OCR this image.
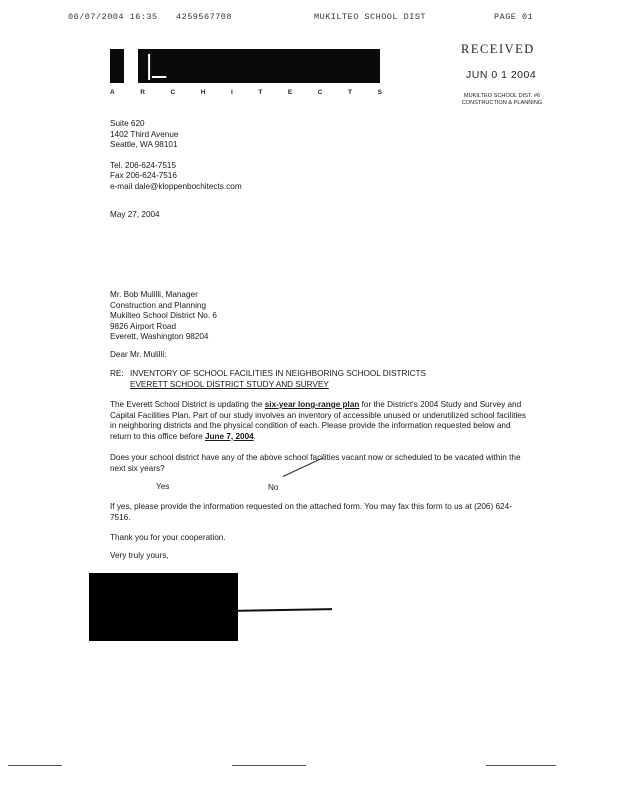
06/07/2004 16:35 4259567708	MUKILTEO SCHOOL DIST	PAGE 01
|_
A	R	C	H	I	T	E	C	T	S
RECEIVED
JUN 0 1 2004
MUKILTEO SCHOOL DIST. #6
CONSTRUCTION & PLANNING
Suite 620
1402 Third Avenue
Seattle, WA 98101
Tel. 206-624-7515
Fax 206-624-7516
e-mail dale@kloppenbochitects.com
May 27, 2004
Mr. Bob Mulilli, Manager
Construction and Planning
Mukilteo School District No. 6
9826 Airport Road
Everett, Washington 98204
Dear Mr. Mulilli:
RE: INVENTORY OF SCHOOL FACILITIES IN NEIGHBORING SCHOOL DISTRICTS
EVERETT SCHOOL DISTRICT STUDY AND SURVEY
The Everett School District is updating the six-year long-range plan for the District's 2004 Study and Survey and Capital Facilities Plan. Part of our study involves an inventory of accessible unused or underutilized school facilities in neighboring districts and the physical condition of each. Please provide the information requested below and return to this office before June 7, 2004.
Does your school district have any of the above school facilities vacant now or scheduled to be vacated within the next six years?
Yes	No
If yes, please provide the information requested on the attached form. You may fax this form to us at (206) 624-7516.
Thank you for your cooperation.
Very truly yours,
